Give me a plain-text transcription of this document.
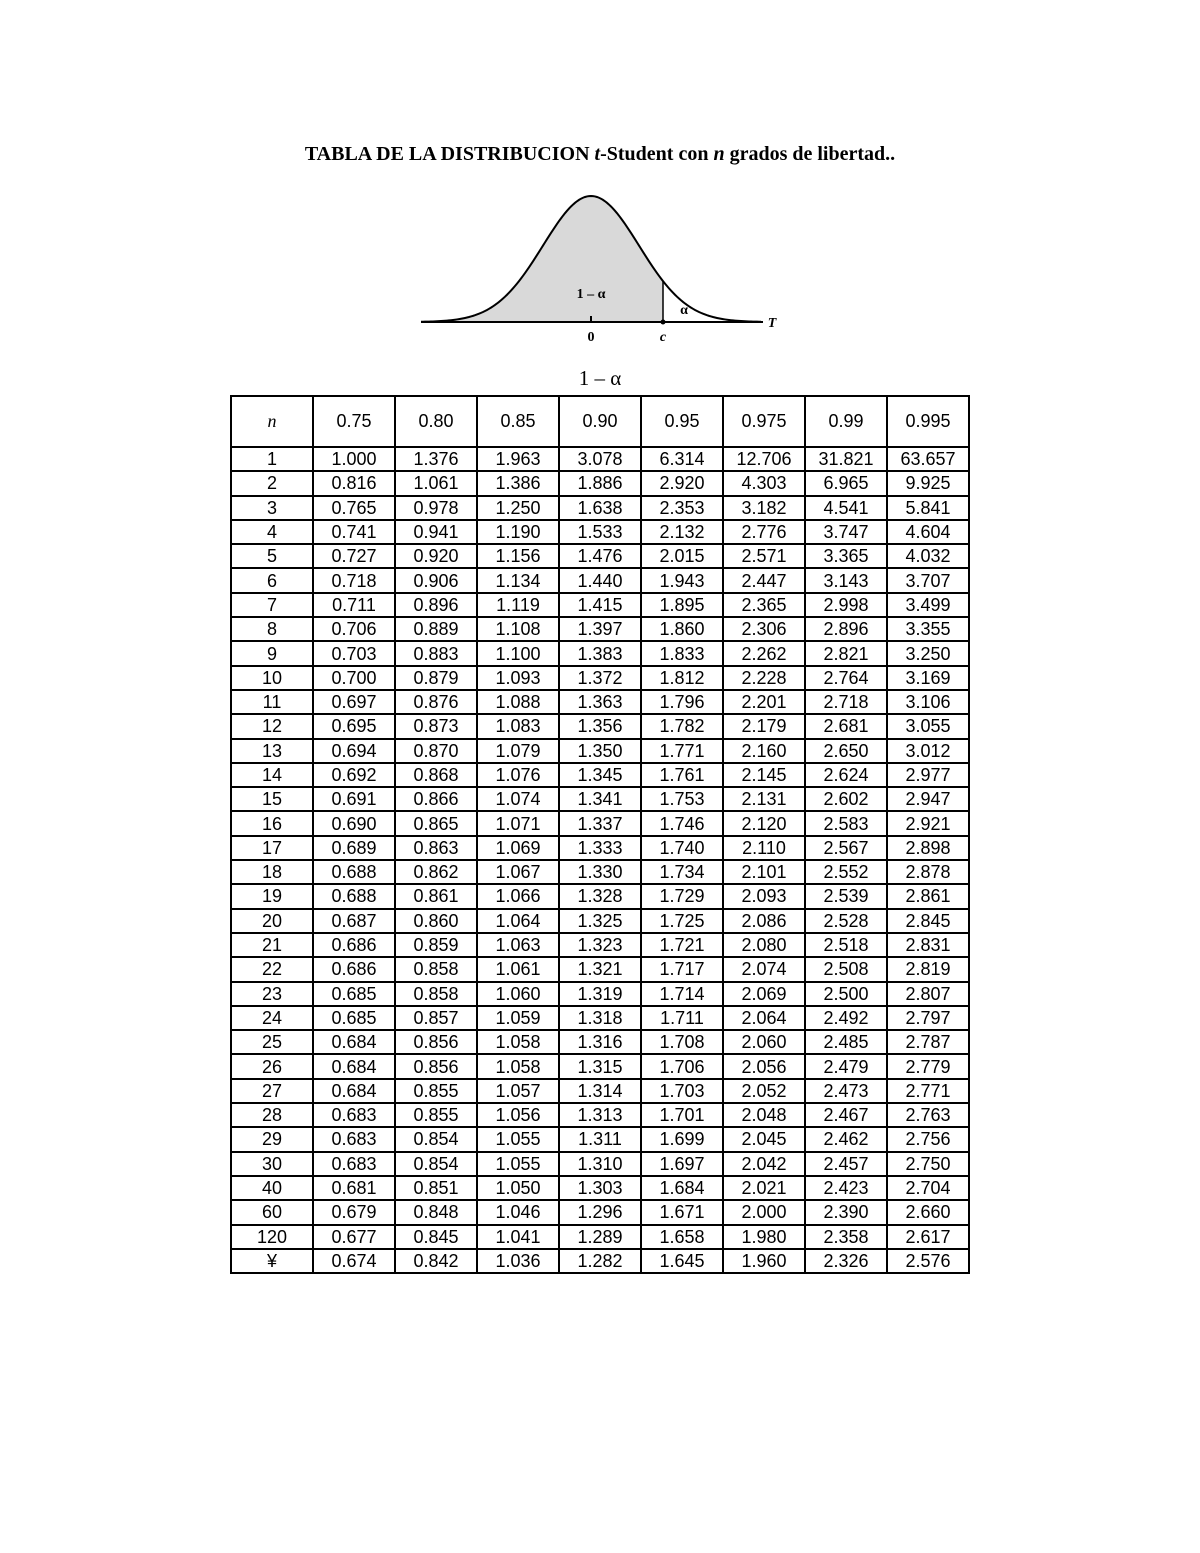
TABLA DE LA DISTRIBUCION t-Student con n grados de libertad..
1 – α
α
0	c
T
1 – α
n	0.75	0.80	0.85	0.90	0.95	0.975	0.99	0.995
1	1.000	1.376	1.963	3.078	6.314	12.706	31.821	63.657
2	0.816	1.061	1.386	1.886	2.920	4.303	6.965	9.925
3	0.765	0.978	1.250	1.638	2.353	3.182	4.541	5.841
4	0.741	0.941	1.190	1.533	2.132	2.776	3.747	4.604
5	0.727	0.920	1.156	1.476	2.015	2.571	3.365	4.032
6	0.718	0.906	1.134	1.440	1.943	2.447	3.143	3.707
7	0.711	0.896	1.119	1.415	1.895	2.365	2.998	3.499
8	0.706	0.889	1.108	1.397	1.860	2.306	2.896	3.355
9	0.703	0.883	1.100	1.383	1.833	2.262	2.821	3.250
10	0.700	0.879	1.093	1.372	1.812	2.228	2.764	3.169
11	0.697	0.876	1.088	1.363	1.796	2.201	2.718	3.106
12	0.695	0.873	1.083	1.356	1.782	2.179	2.681	3.055
13	0.694	0.870	1.079	1.350	1.771	2.160	2.650	3.012
14	0.692	0.868	1.076	1.345	1.761	2.145	2.624	2.977
15	0.691	0.866	1.074	1.341	1.753	2.131	2.602	2.947
16	0.690	0.865	1.071	1.337	1.746	2.120	2.583	2.921
17	0.689	0.863	1.069	1.333	1.740	2.110	2.567	2.898
18	0.688	0.862	1.067	1.330	1.734	2.101	2.552	2.878
19	0.688	0.861	1.066	1.328	1.729	2.093	2.539	2.861
20	0.687	0.860	1.064	1.325	1.725	2.086	2.528	2.845
21	0.686	0.859	1.063	1.323	1.721	2.080	2.518	2.831
22	0.686	0.858	1.061	1.321	1.717	2.074	2.508	2.819
23	0.685	0.858	1.060	1.319	1.714	2.069	2.500	2.807
24	0.685	0.857	1.059	1.318	1.711	2.064	2.492	2.797
25	0.684	0.856	1.058	1.316	1.708	2.060	2.485	2.787
26	0.684	0.856	1.058	1.315	1.706	2.056	2.479	2.779
27	0.684	0.855	1.057	1.314	1.703	2.052	2.473	2.771
28	0.683	0.855	1.056	1.313	1.701	2.048	2.467	2.763
29	0.683	0.854	1.055	1.311	1.699	2.045	2.462	2.756
30	0.683	0.854	1.055	1.310	1.697	2.042	2.457	2.750
40	0.681	0.851	1.050	1.303	1.684	2.021	2.423	2.704
60	0.679	0.848	1.046	1.296	1.671	2.000	2.390	2.660
120	0.677	0.845	1.041	1.289	1.658	1.980	2.358	2.617
¥	0.674	0.842	1.036	1.282	1.645	1.960	2.326	2.576
